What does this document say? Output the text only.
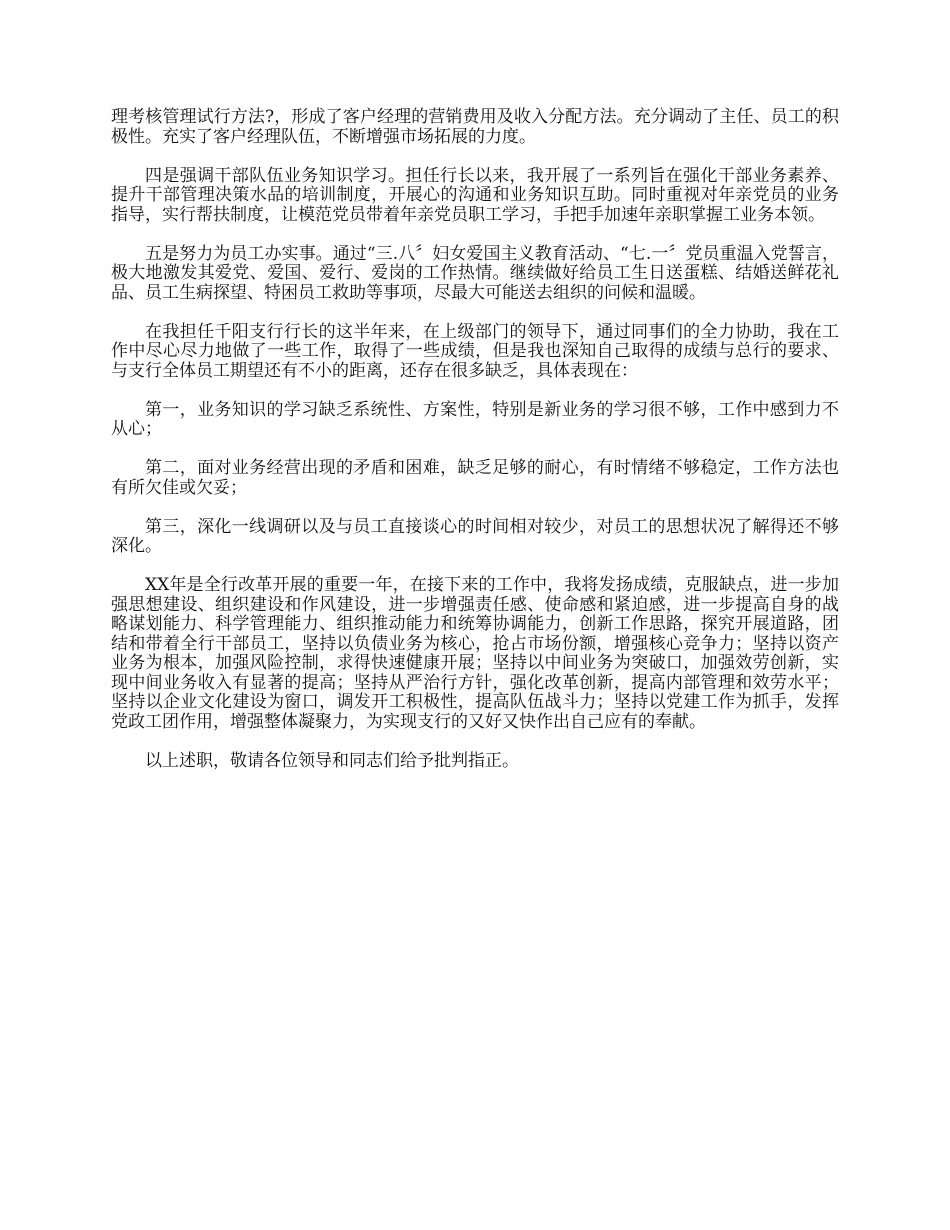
理考核管理试行方法?，形成了客户经理的营销费用及收入分配方法。充分调动了主任、员工的积极性。充实了客户经理队伍，不断增强市场拓展的力度。

四是强调干部队伍业务知识学习。担任行长以来，我开展了一系列旨在强化干部业务素养、提升干部管理决策水品的培训制度，开展心的沟通和业务知识互助。同时重视对年亲党员的业务指导，实行帮扶制度，让模范党员带着年亲党员职工学习，手把手加速年亲职掌握工业务本领。

五是努力为员工办实事。通过“三.八〞妇女爱国主义教育活动、“七.一〞党员重温入党誓言，极大地激发其爱党、爱国、爱行、爱岗的工作热情。继续做好给员工生日送蛋糕、结婚送鲜花礼品、员工生病探望、特困员工救助等事项，尽最大可能送去组织的问候和温暖。

在我担任千阳支行行长的这半年来，在上级部门的领导下，通过同事们的全力协助，我在工作中尽心尽力地做了一些工作，取得了一些成绩，但是我也深知自己取得的成绩与总行的要求、与支行全体员工期望还有不小的距离，还存在很多缺乏，具体表现在：

第一，业务知识的学习缺乏系统性、方案性，特别是新业务的学习很不够，工作中感到力不从心；

第二，面对业务经营出现的矛盾和困难，缺乏足够的耐心，有时情绪不够稳定，工作方法也有所欠佳或欠妥；

第三，深化一线调研以及与员工直接谈心的时间相对较少，对员工的思想状况了解得还不够深化。

XX年是全行改革开展的重要一年，在接下来的工作中，我将发扬成绩，克服缺点，进一步加强思想建设、组织建设和作风建设，进一步增强责任感、使命感和紧迫感，进一步提高自身的战略谋划能力、科学管理能力、组织推动能力和统筹协调能力，创新工作思路，探究开展道路，团结和带着全行干部员工，坚持以负债业务为核心，抢占市场份额，增强核心竞争力；坚持以资产业务为根本，加强风险控制，求得快速健康开展；坚持以中间业务为突破口，加强效劳创新，实现中间业务收入有显著的提高；坚持从严治行方针，强化改革创新，提高内部管理和效劳水平；坚持以企业文化建设为窗口，调发开工积极性，提高队伍战斗力；坚持以党建工作为抓手，发挥党政工团作用，增强整体凝聚力，为实现支行的又好又快作出自己应有的奉献。

以上述职，敬请各位领导和同志们给予批判指正。
